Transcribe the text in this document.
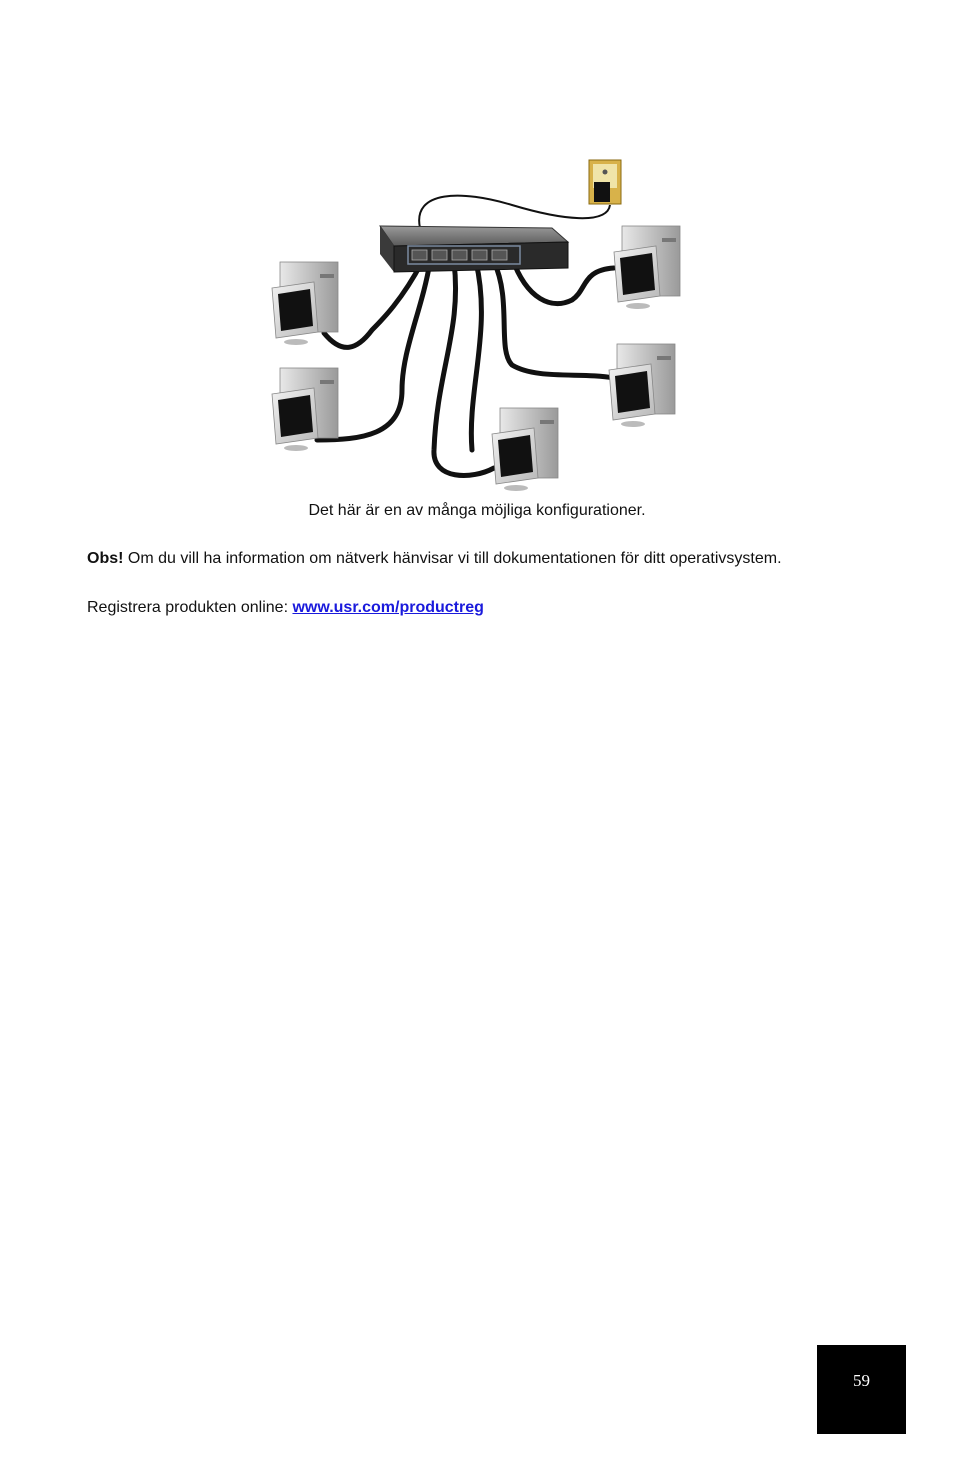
Det här är en av många möjliga konfigurationer.
Obs! Om du vill ha information om nätverk hänvisar vi till dokumentationen för ditt operativsystem.
Registrera produkten online: www.usr.com/productreg
59
